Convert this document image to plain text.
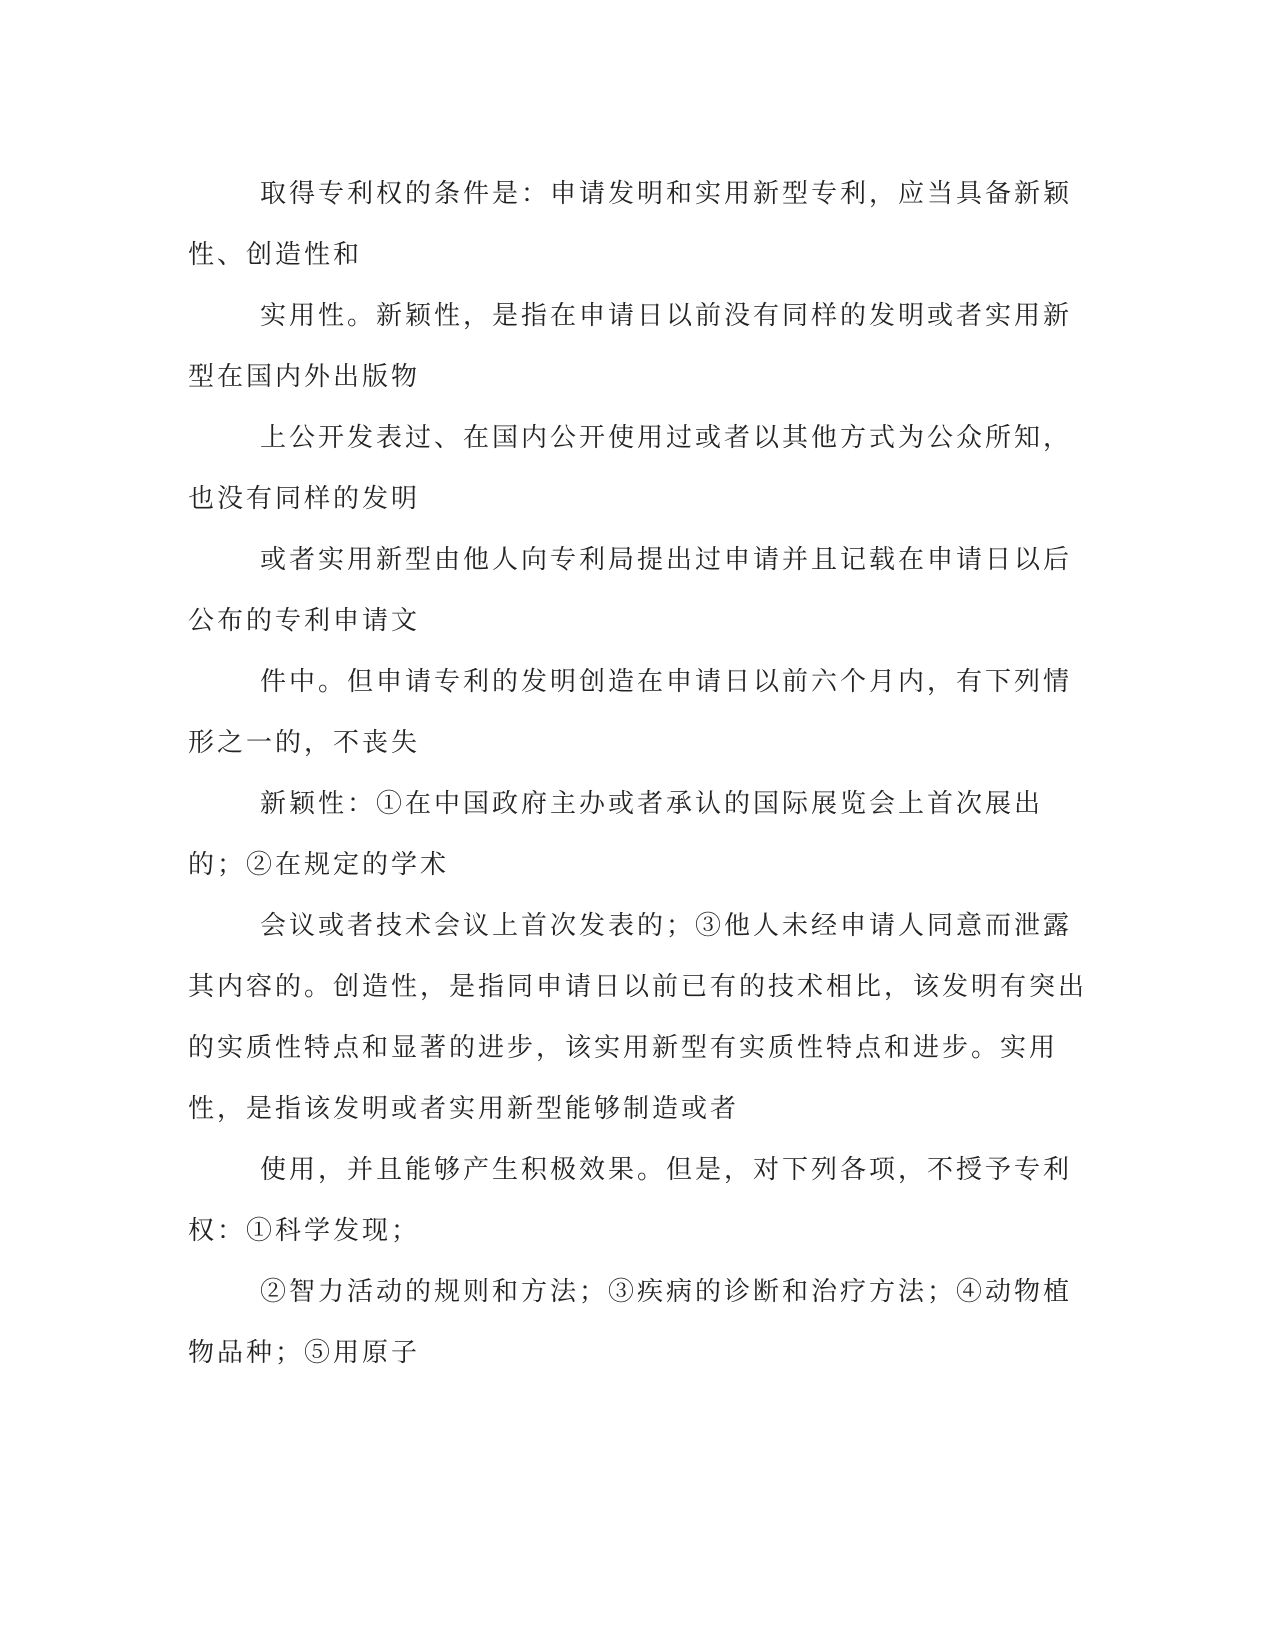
取得专利权的条件是：申请发明和实用新型专利，应当具备新颖性、创造性和

实用性。新颖性，是指在申请日以前没有同样的发明或者实用新型在国内外出版物

上公开发表过、在国内公开使用过或者以其他方式为公众所知，也没有同样的发明

或者实用新型由他人向专利局提出过申请并且记载在申请日以后公布的专利申请文

件中。但申请专利的发明创造在申请日以前六个月内，有下列情形之一的，不丧失

新颖性：①在中国政府主办或者承认的国际展览会上首次展出的；②在规定的学术

会议或者技术会议上首次发表的；③他人未经申请人同意而泄露其内容的。创造性，是指同申请日以前已有的技术相比，该发明有突出的实质性特点和显著的进步，该实用新型有实质性特点和进步。实用性，是指该发明或者实用新型能够制造或者

使用，并且能够产生积极效果。但是，对下列各项，不授予专利权：①科学发现；

②智力活动的规则和方法；③疾病的诊断和治疗方法；④动物植物品种；⑤用原子
